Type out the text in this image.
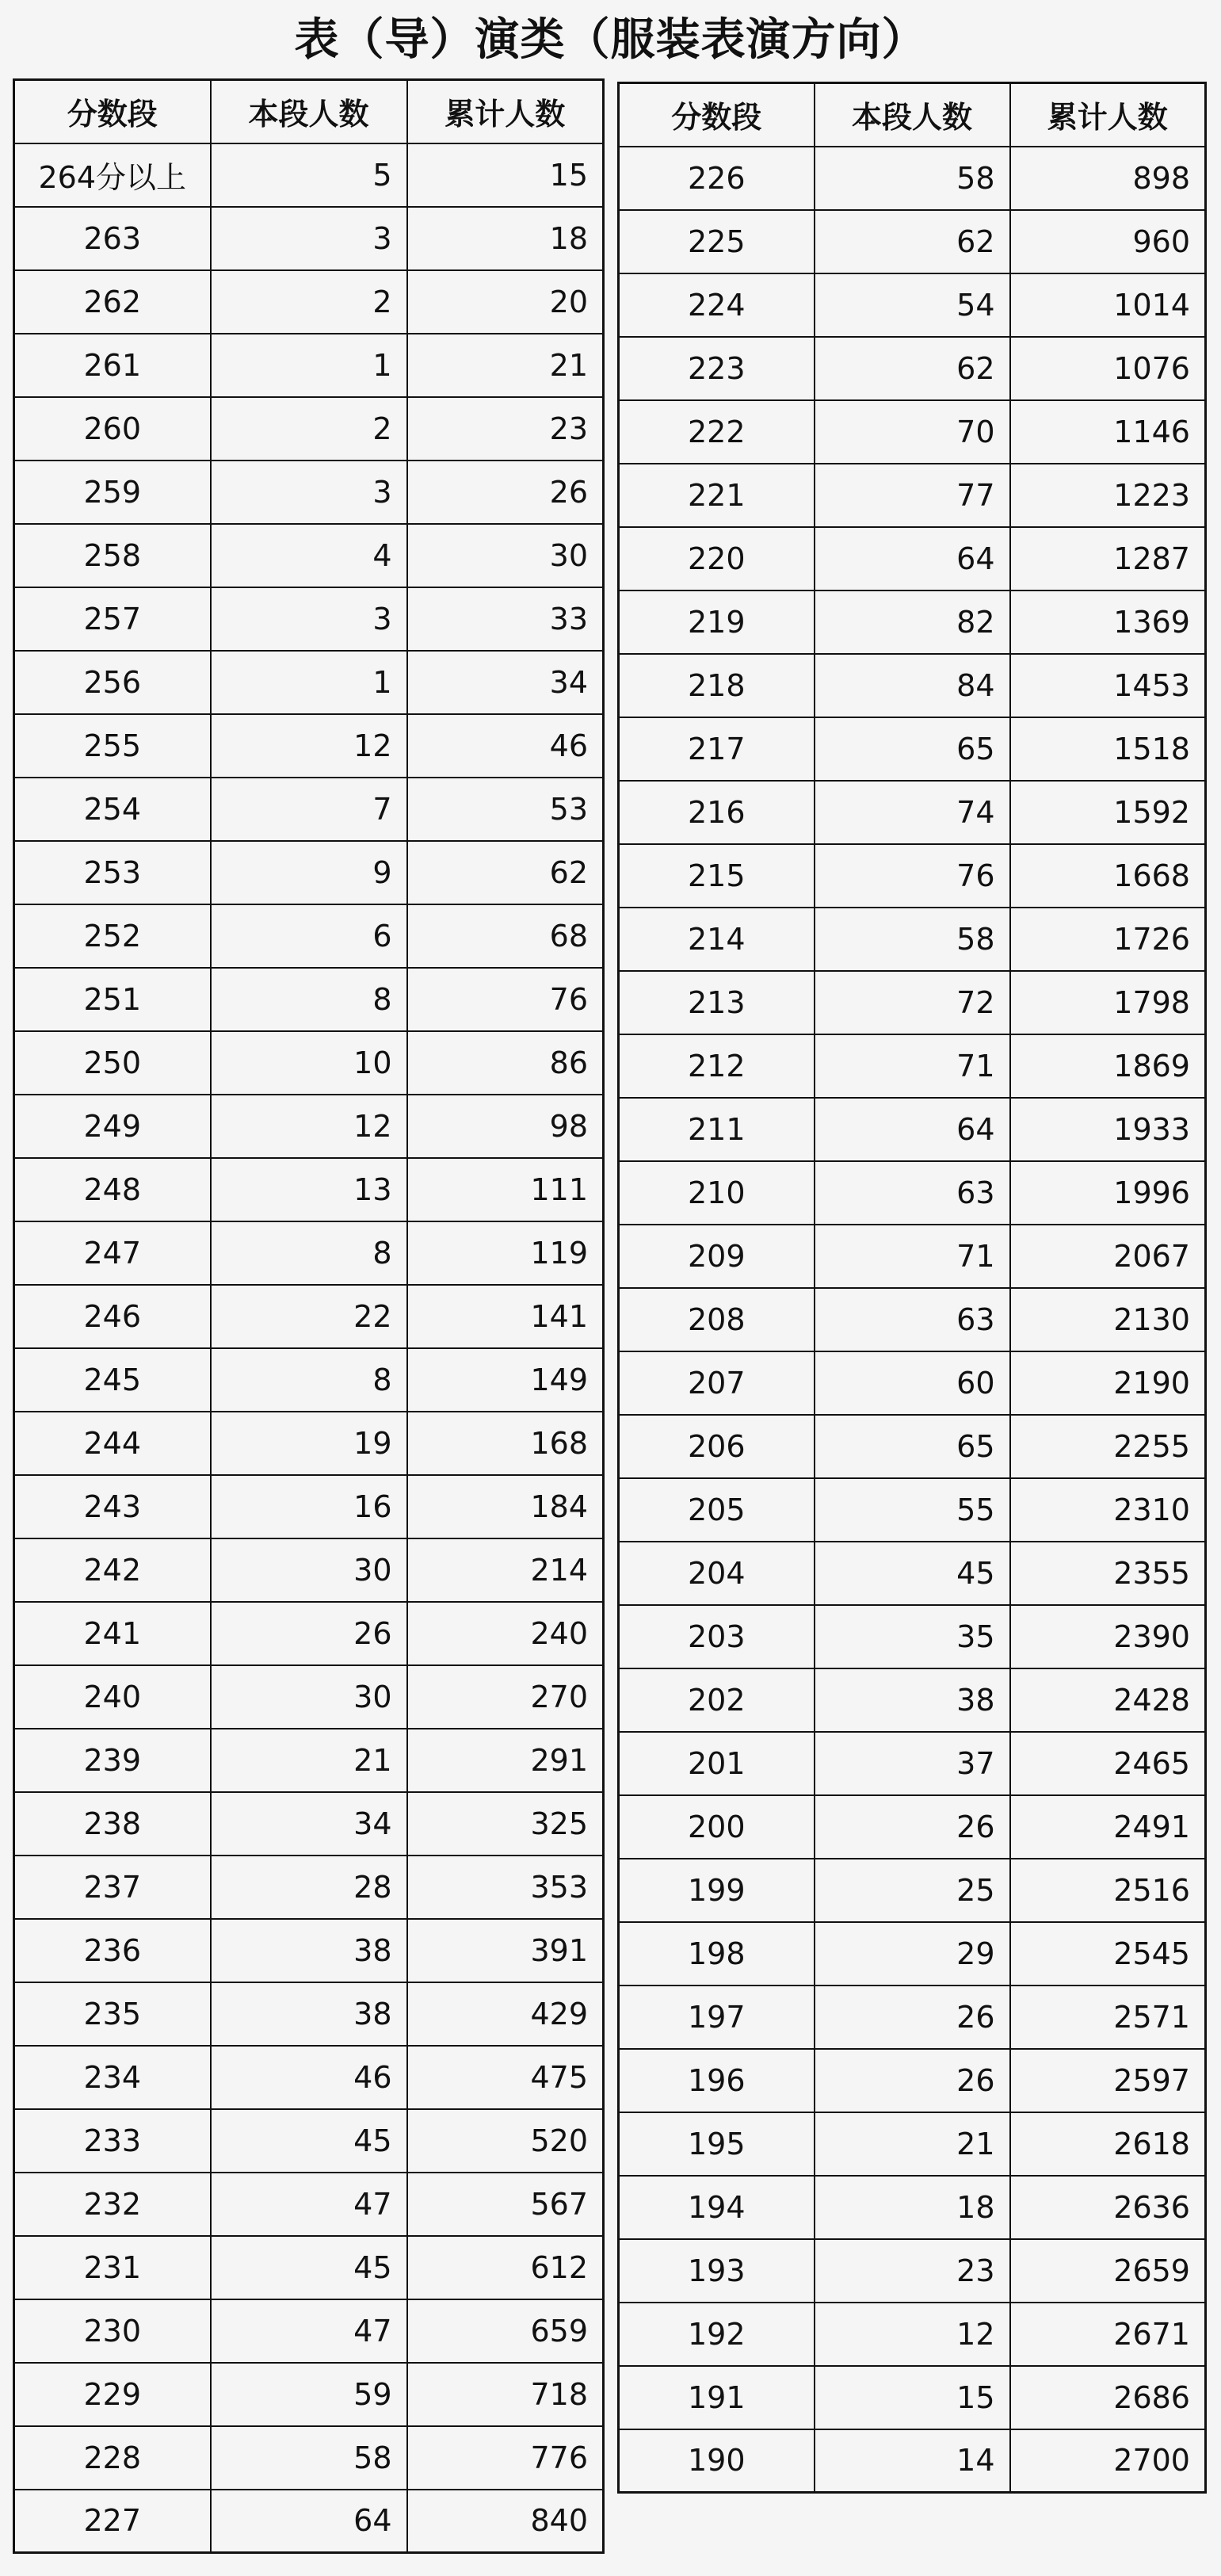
表（导）演类（服装表演方向）
分数段	本段人数	累计人数
264分以上	5	15
263	3	18
262	2	20
261	1	21
260	2	23
259	3	26
258	4	30
257	3	33
256	1	34
255	12	46
254	7	53
253	9	62
252	6	68
251	8	76
250	10	86
249	12	98
248	13	111
247	8	119
246	22	141
245	8	149
244	19	168
243	16	184
242	30	214
241	26	240
240	30	270
239	21	291
238	34	325
237	28	353
236	38	391
235	38	429
234	46	475
233	45	520
232	47	567
231	45	612
230	47	659
229	59	718
228	58	776
227	64	840
分数段	本段人数	累计人数
226	58	898
225	62	960
224	54	1014
223	62	1076
222	70	1146
221	77	1223
220	64	1287
219	82	1369
218	84	1453
217	65	1518
216	74	1592
215	76	1668
214	58	1726
213	72	1798
212	71	1869
211	64	1933
210	63	1996
209	71	2067
208	63	2130
207	60	2190
206	65	2255
205	55	2310
204	45	2355
203	35	2390
202	38	2428
201	37	2465
200	26	2491
199	25	2516
198	29	2545
197	26	2571
196	26	2597
195	21	2618
194	18	2636
193	23	2659
192	12	2671
191	15	2686
190	14	2700
